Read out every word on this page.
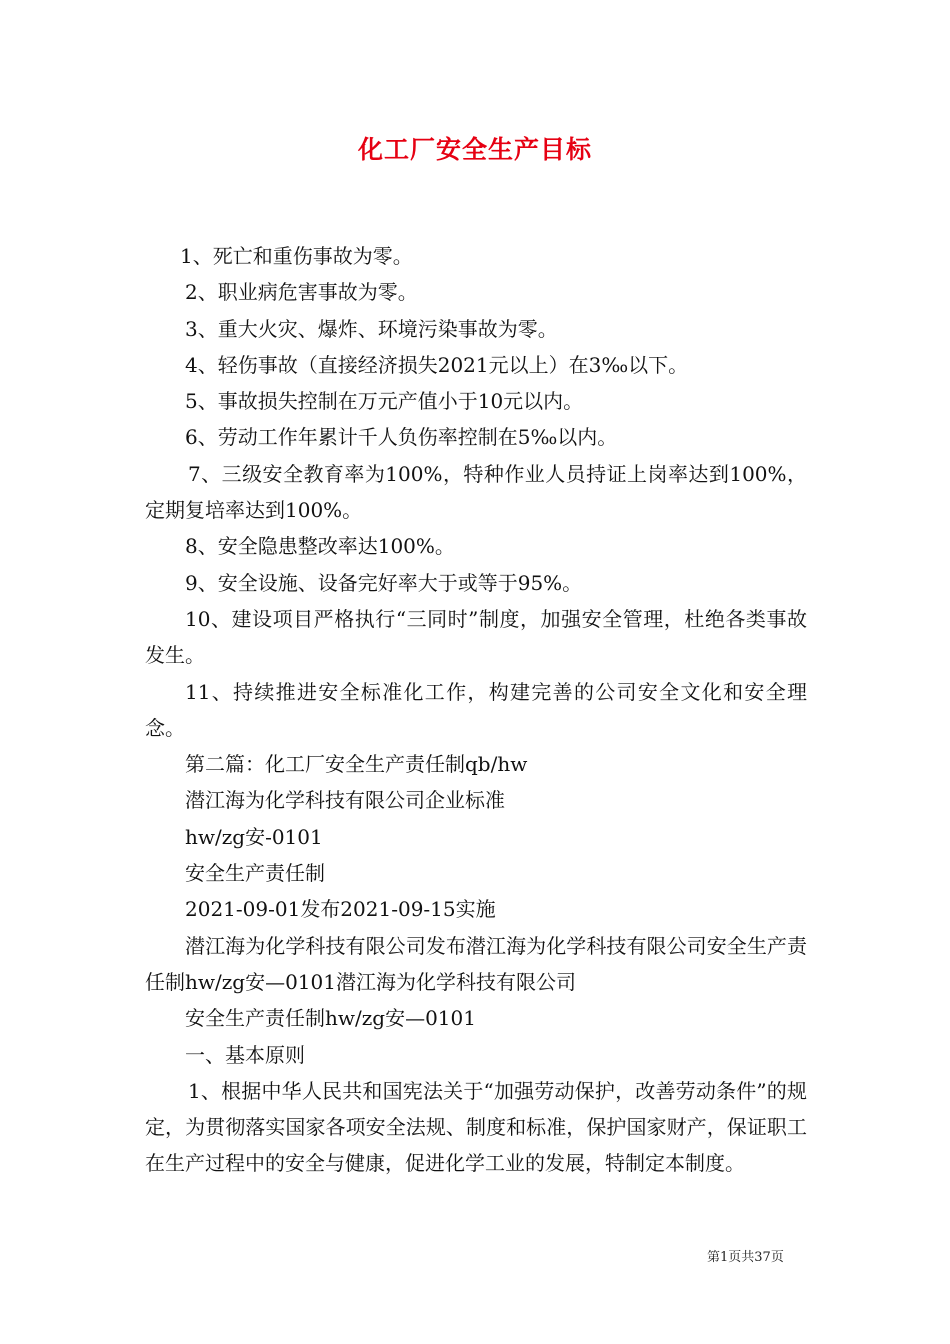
化工厂安全生产目标

1、死亡和重伤事故为零。

2、职业病危害事故为零。

3、重大火灾、爆炸、环境污染事故为零。

4、轻伤事故（直接经济损失2021元以上）在3‰以下。

5、事故损失控制在万元产值小于10元以内。

6、劳动工作年累计千人负伤率控制在5‰以内。

7、三级安全教育率为100%，特种作业人员持证上岗率达到100%，定期复培率达到100%。

8、安全隐患整改率达100%。

9、安全设施、设备完好率大于或等于95%。

10、建设项目严格执行“三同时”制度，加强安全管理，杜绝各类事故发生。

11、持续推进安全标准化工作，构建完善的公司安全文化和安全理念。

第二篇：化工厂安全生产责任制qb/hw

潜江海为化学科技有限公司企业标准

hw/zg安-0101

安全生产责任制

2021-09-01发布2021-09-15实施

潜江海为化学科技有限公司发布潜江海为化学科技有限公司安全生产责任制hw/zg安—0101潜江海为化学科技有限公司

安全生产责任制hw/zg安—0101

一、基本原则

1、根据中华人民共和国宪法关于“加强劳动保护，改善劳动条件”的规定，为贯彻落实国家各项安全法规、制度和标准，保护国家财产，保证职工在生产过程中的安全与健康，促进化学工业的发展，特制定本制度。

第1页共37页
